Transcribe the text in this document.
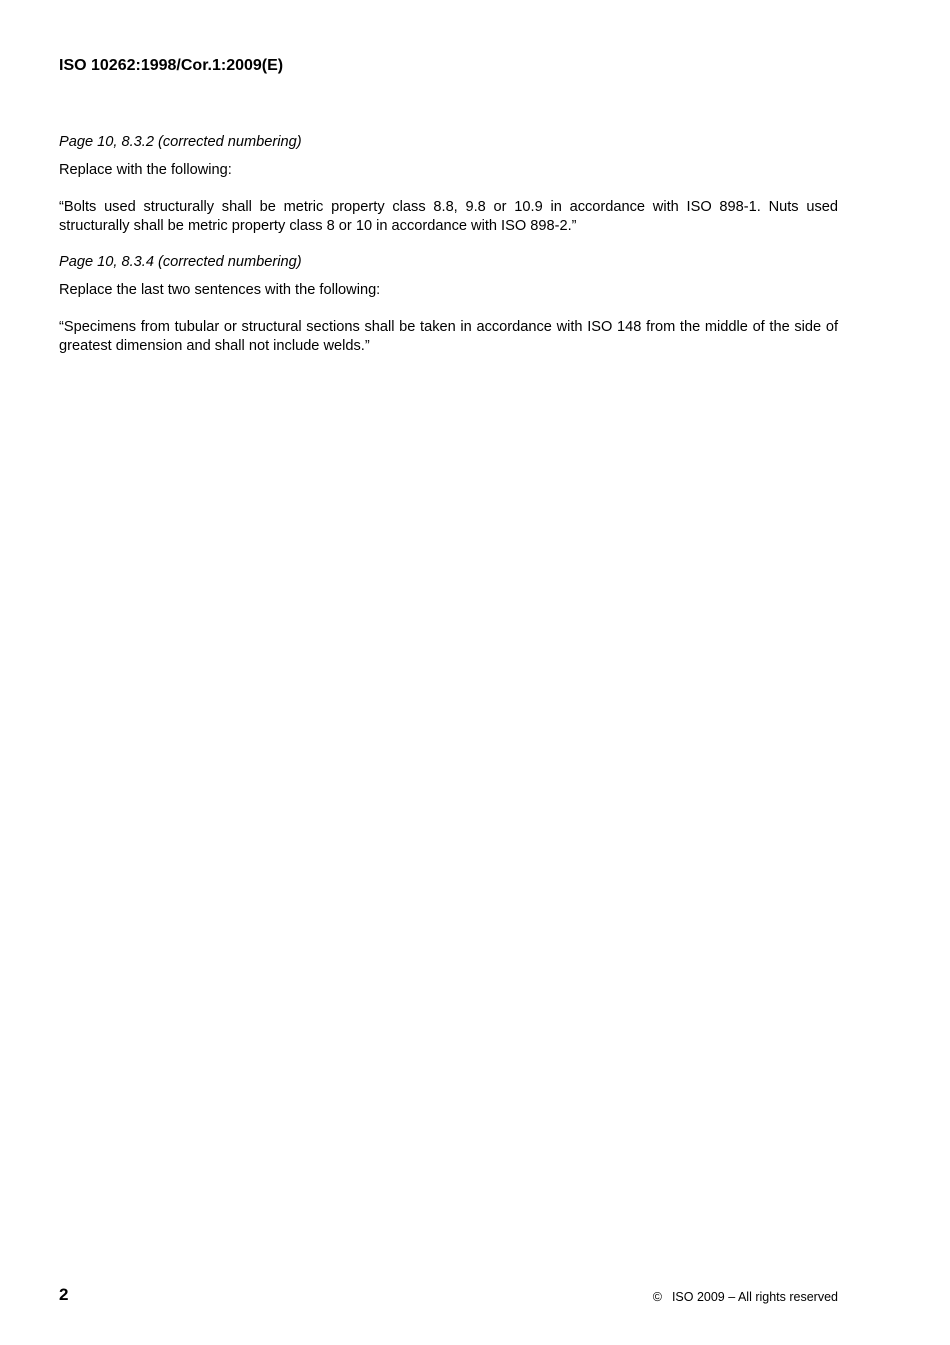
ISO 10262:1998/Cor.1:2009(E)

Page 10, 8.3.2 (corrected numbering)

Replace with the following:

“Bolts used structurally shall be metric property class 8.8, 9.8 or 10.9 in accordance with ISO 898-1. Nuts used structurally shall be metric property class 8 or 10 in accordance with ISO 898-2.”

Page 10, 8.3.4 (corrected numbering)

Replace the last two sentences with the following:

“Specimens from tubular or structural sections shall be taken in accordance with ISO 148 from the middle of the side of greatest dimension and shall not include welds.”

2	© ISO 2009 – All rights reserved
